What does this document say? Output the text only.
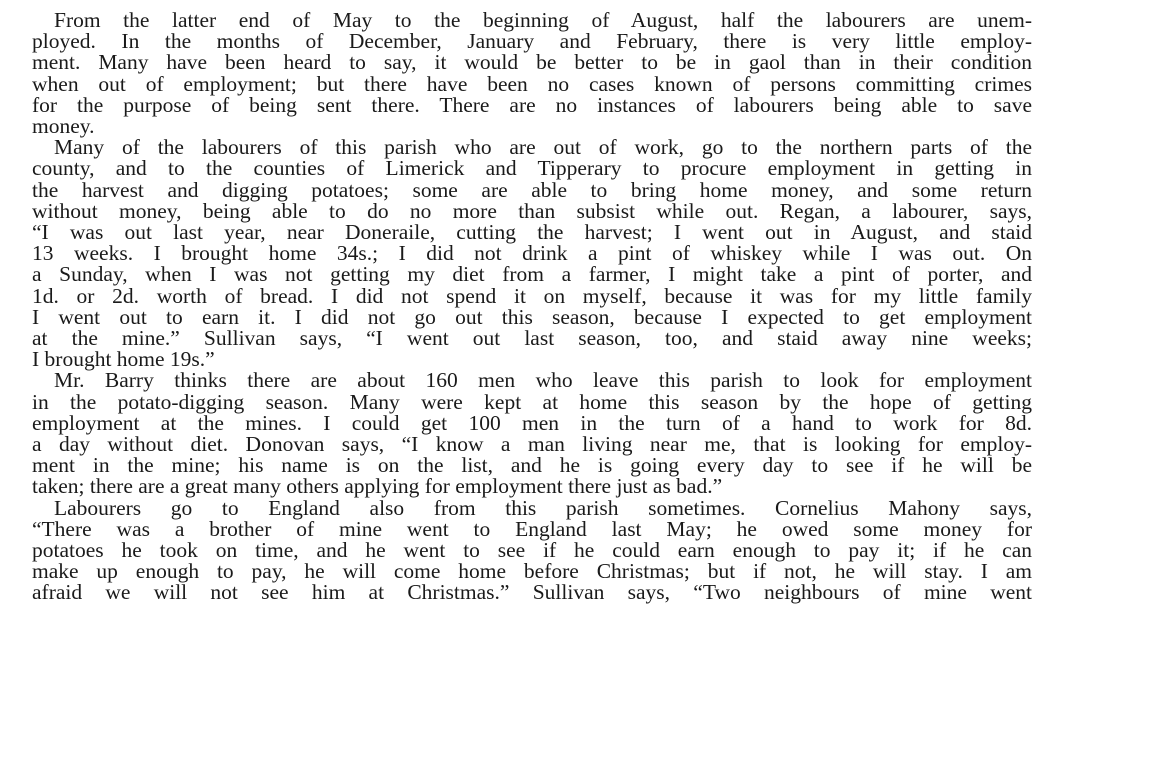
From the latter end of May to the beginning of August, half the labourers are unem-
ployed. In the months of December, January and February, there is very little employ-
ment. Many have been heard to say, it would be better to be in gaol than in their condition
when out of employment; but there have been no cases known of persons committing crimes
for the purpose of being sent there. There are no instances of labourers being able to save
money.

Many of the labourers of this parish who are out of work, go to the northern parts of the
county, and to the counties of Limerick and Tipperary to procure employment in getting in
the harvest and digging potatoes; some are able to bring home money, and some return
without money, being able to do no more than subsist while out. Regan, a labourer, says,
“I was out last year, near Doneraile, cutting the harvest; I went out in August, and staid
13 weeks. I brought home 34s.; I did not drink a pint of whiskey while I was out. On
a Sunday, when I was not getting my diet from a farmer, I might take a pint of porter, and
1d. or 2d. worth of bread. I did not spend it on myself, because it was for my little family
I went out to earn it. I did not go out this season, because I expected to get employment
at the mine.” Sullivan says, “I went out last season, too, and staid away nine weeks;
I brought home 19s.”

Mr. Barry thinks there are about 160 men who leave this parish to look for employment
in the potato-digging season. Many were kept at home this season by the hope of getting
employment at the mines. I could get 100 men in the turn of a hand to work for 8d.
a day without diet. Donovan says, “I know a man living near me, that is looking for employ-
ment in the mine; his name is on the list, and he is going every day to see if he will be
taken; there are a great many others applying for employment there just as bad.”

Labourers go to England also from this parish sometimes. Cornelius Mahony says,
“There was a brother of mine went to England last May; he owed some money for
potatoes he took on time, and he went to see if he could earn enough to pay it; if he can
make up enough to pay, he will come home before Christmas; but if not, he will stay. I am
afraid we will not see him at Christmas.” Sullivan says, “Two neighbours of mine went
